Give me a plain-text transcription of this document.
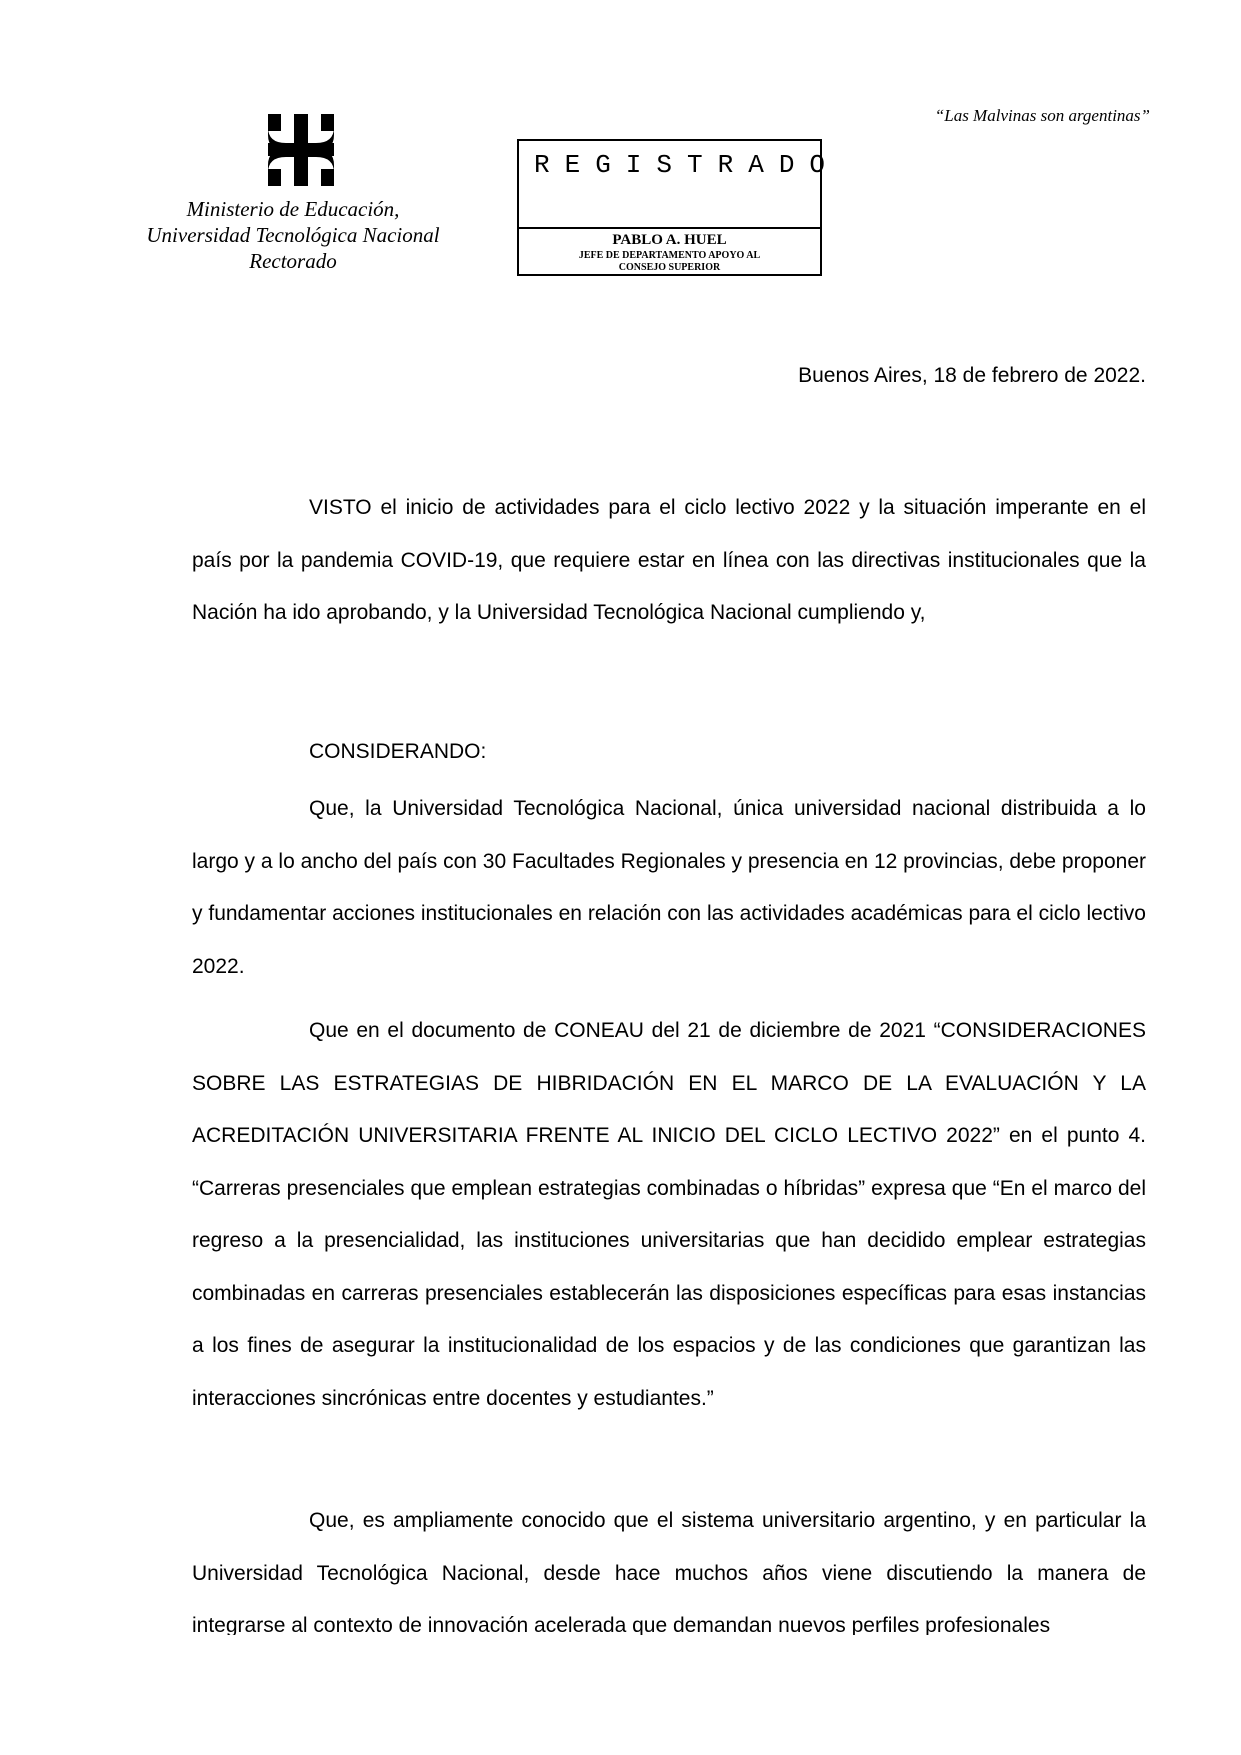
“Las Malvinas son argentinas”
Ministerio de Educación,
Universidad Tecnológica Nacional
Rectorado
REGISTRADO
PABLO A. HUEL
JEFE DE DEPARTAMENTO APOYO AL
CONSEJO SUPERIOR
Buenos Aires, 18 de febrero de 2022.

VISTO el inicio de actividades para el ciclo lectivo 2022 y la situación imperante en el país por la pandemia COVID-19, que requiere estar en línea con las directivas institucionales que la Nación ha ido aprobando, y la Universidad Tecnológica Nacional cumpliendo y,

CONSIDERANDO:

Que, la Universidad Tecnológica Nacional, única universidad nacional distribuida a lo largo y a lo ancho del país con 30 Facultades Regionales y presencia en 12 provincias, debe proponer y fundamentar acciones institucionales en relación con las actividades académicas para el ciclo lectivo 2022.

Que en el documento de CONEAU del 21 de diciembre de 2021 “CONSIDERACIONES SOBRE LAS ESTRATEGIAS DE HIBRIDACIÓN EN EL MARCO DE LA EVALUACIÓN Y LA ACREDITACIÓN UNIVERSITARIA FRENTE AL INICIO DEL CICLO LECTIVO 2022” en el punto 4. “Carreras presenciales que emplean estrategias combinadas o híbridas” expresa que “En el marco del regreso a la presencialidad, las instituciones universitarias que han decidido emplear estrategias combinadas en carreras presenciales establecerán las disposiciones específicas para esas instancias a los fines de asegurar la institucionalidad de los espacios y de las condiciones que garantizan las interacciones sincrónicas entre docentes y estudiantes.”

Que, es ampliamente conocido que el sistema universitario argentino, y en particular la Universidad Tecnológica Nacional, desde hace muchos años viene discutiendo la manera de integrarse al contexto de innovación acelerada que demandan nuevos perfiles profesionales
